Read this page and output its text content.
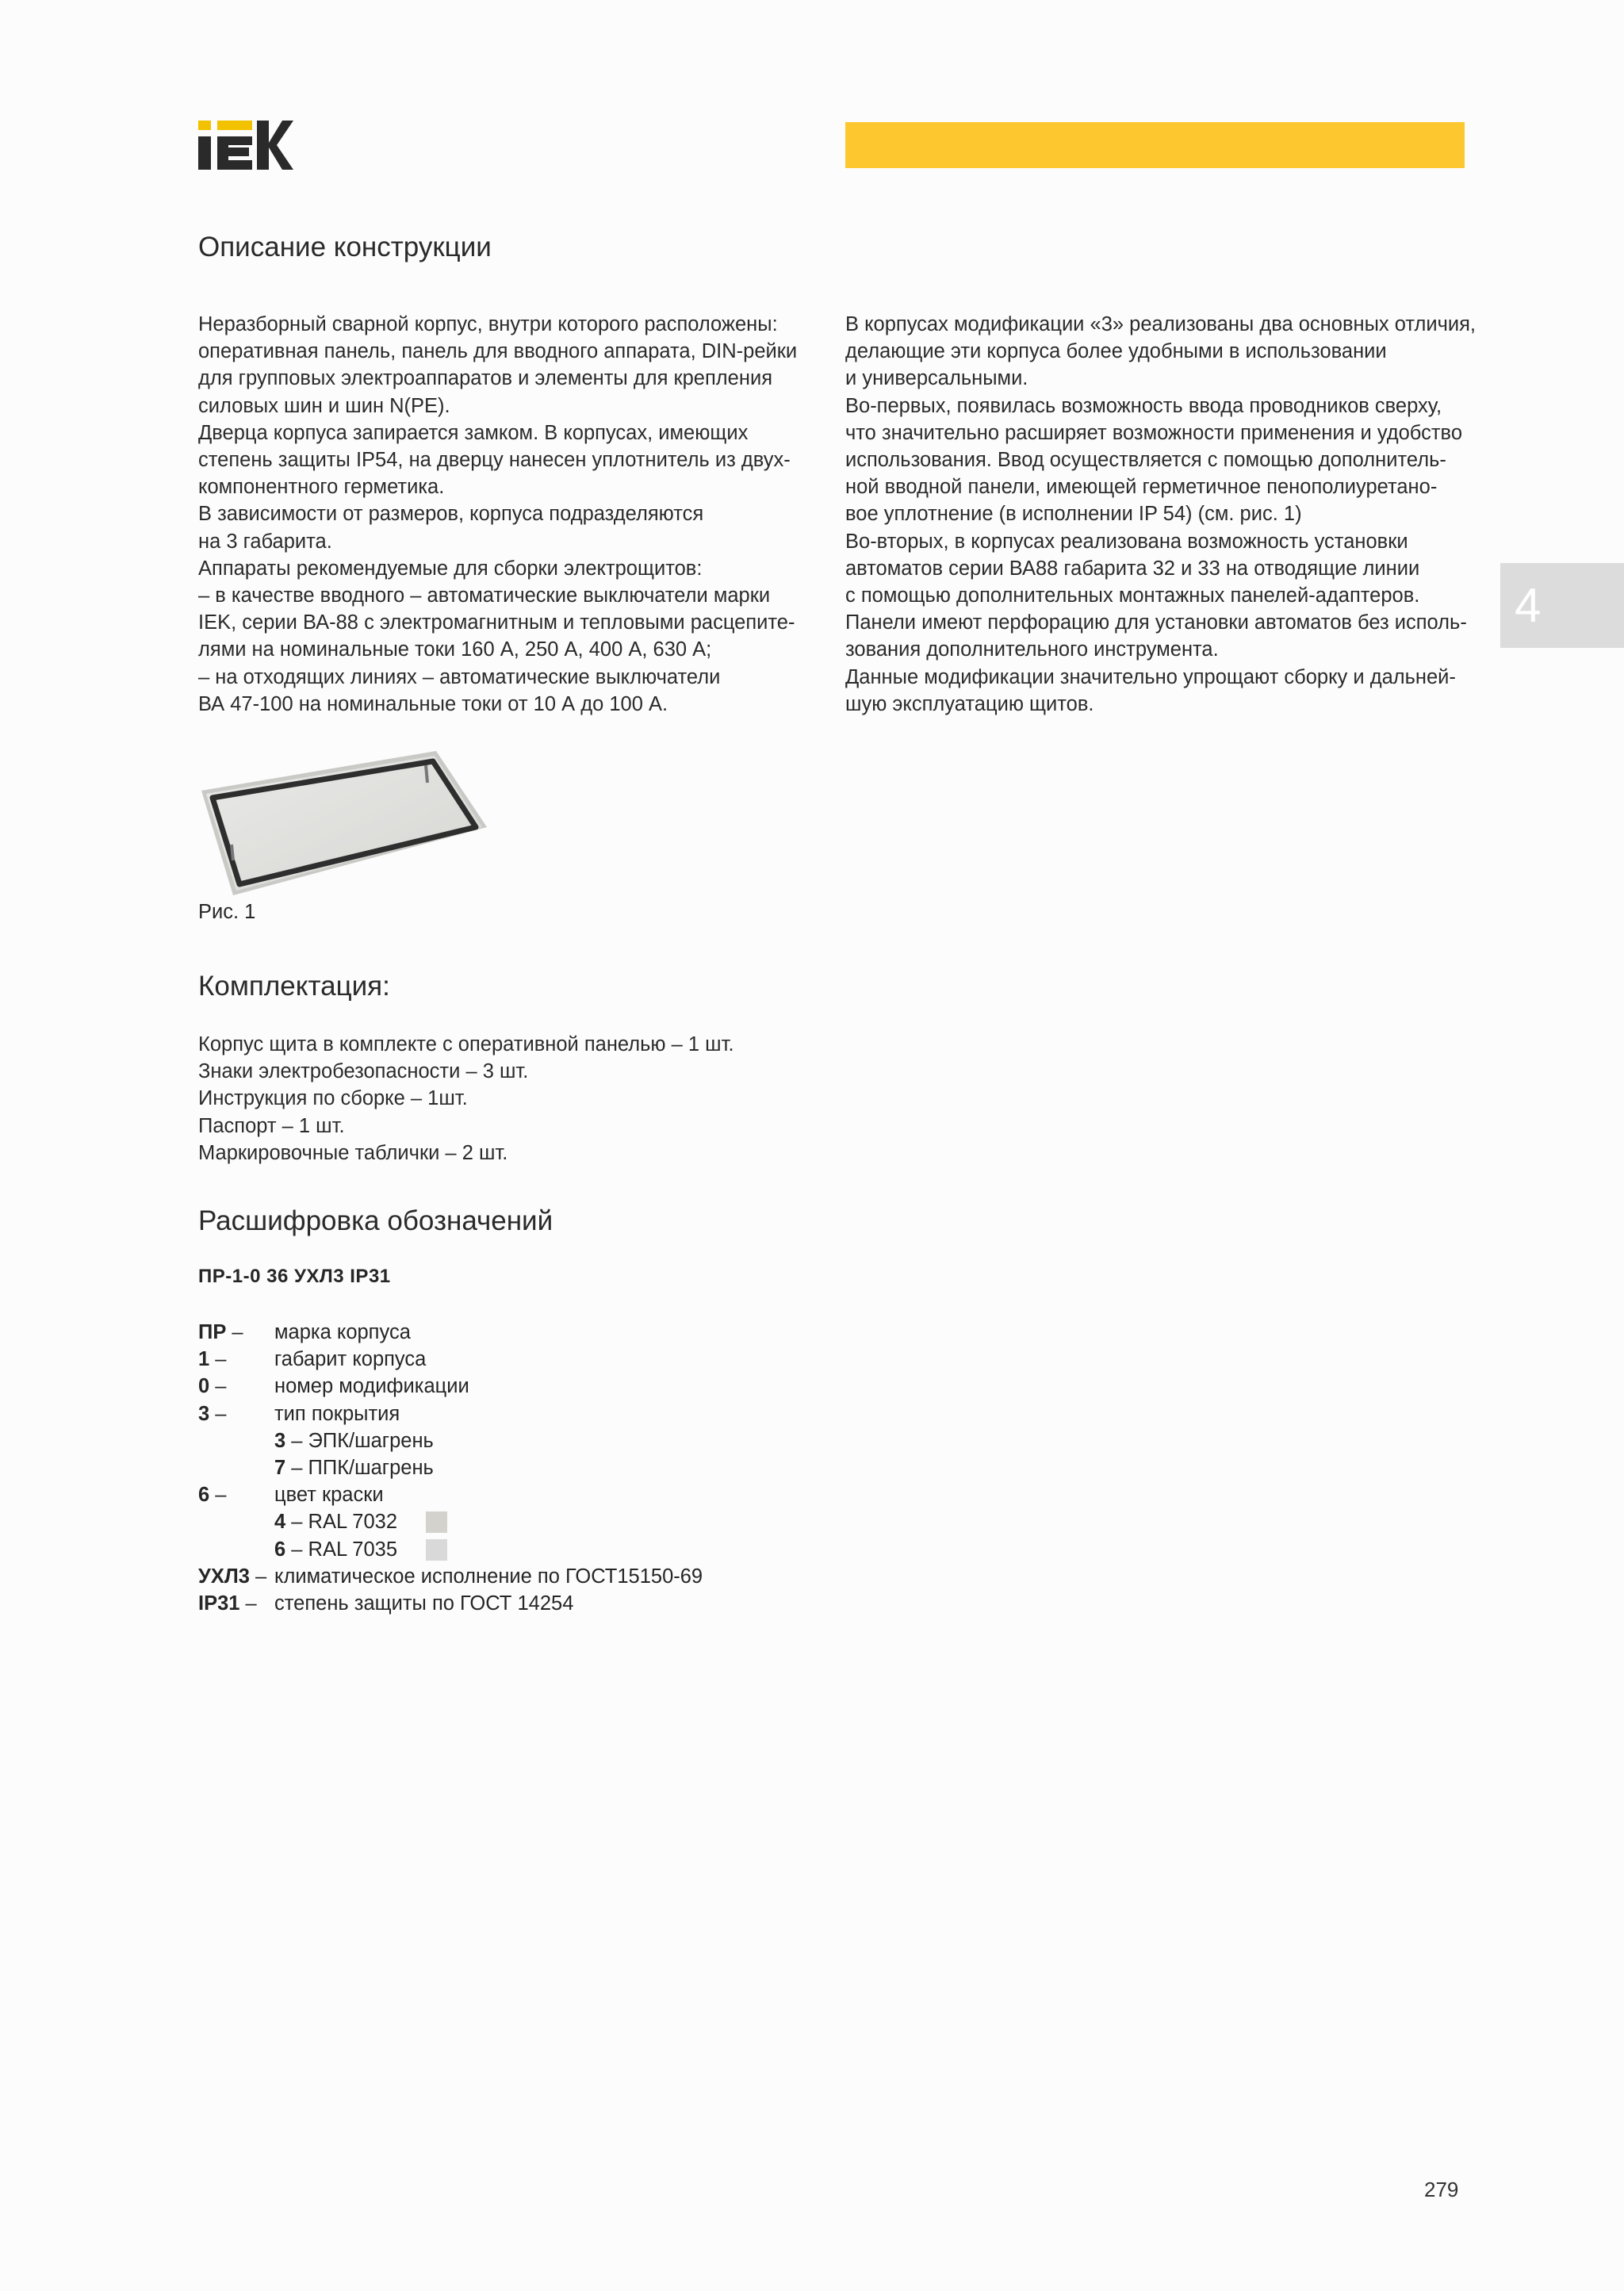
4
Описание конструкции
Неразборный сварной корпус, внутри которого расположены:
оперативная панель, панель для вводного аппарата, DIN-рейки
для групповых электроаппаратов и элементы для крепления
силовых шин и шин N(PE).
Дверца корпуса запирается замком. В корпусах, имеющих
степень защиты IP54, на дверцу нанесен уплотнитель из двух-
компонентного герметика.
В зависимости от размеров, корпуса подразделяются
на 3 габарита.
Аппараты рекомендуемые для сборки электрощитов:
– в качестве вводного – автоматические выключатели марки
IEK, серии ВА-88 с электромагнитным и тепловыми расцепите-
лями на номинальные токи 160 А, 250 А, 400 А, 630 А;
– на отходящих линиях – автоматические выключатели
ВА 47-100 на номинальные токи от 10 А до 100 А.
В корпусах модификации «3» реализованы два основных отличия,
делающие эти корпуса более удобными в использовании
и универсальными.
Во-первых, появилась возможность ввода проводников сверху,
что значительно расширяет возможности применения и удобство
использования. Ввод осуществляется с помощью дополнитель-
ной вводной панели, имеющей герметичное пенополиуретано-
вое уплотнение (в исполнении IP 54) (см. рис. 1)
Во-вторых, в корпусах реализована возможность установки
автоматов серии ВА88 габарита 32 и 33 на отводящие линии
с помощью дополнительных монтажных панелей-адаптеров.
Панели имеют перфорацию для установки автоматов без исполь-
зования дополнительного инструмента.
Данные модификации значительно упрощают сборку и дальней-
шую эксплуатацию щитов.
Рис. 1
Комплектация:
Корпус щита в комплекте с оперативной панелью – 1 шт.
Знаки электробезопасности – 3 шт.
Инструкция по сборке – 1шт.
Паспорт – 1 шт.
Маркировочные таблички – 2 шт.
Расшифровка обозначений
ПР-1-0 36 УХЛ3 IP31
ПР – марка корпуса
1 – габарит корпуса
0 – номер модификации
3 – тип покрытия
3 – ЭПК/шагрень
7 – ППК/шагрень
6 – цвет краски
4 – RAL 7032
6 – RAL 7035
УХЛ3 – климатическое исполнение по ГОСТ15150-69
IP31 – степень защиты по ГОСТ 14254
279
